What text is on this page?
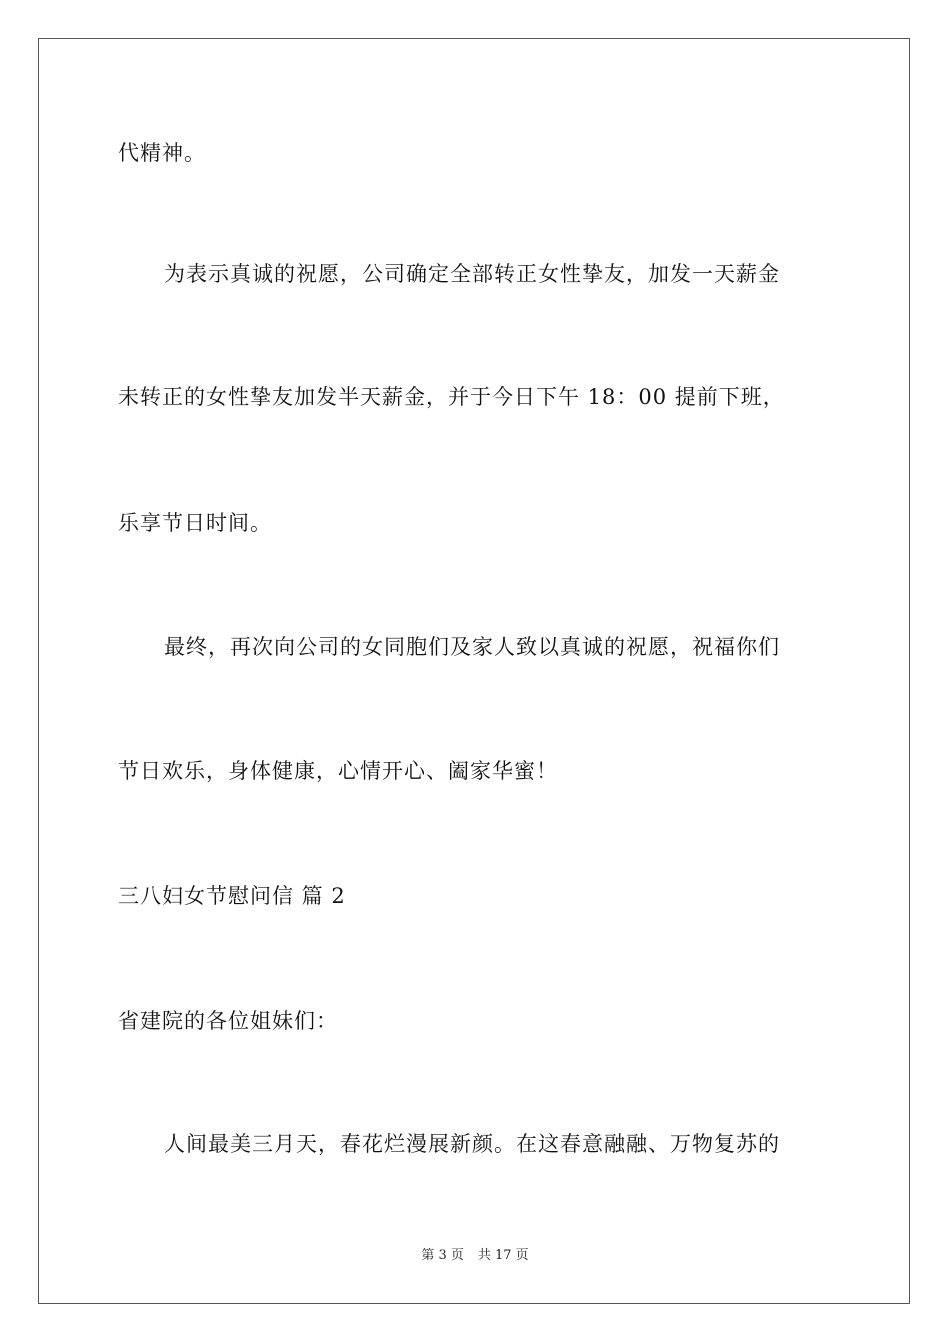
代精神。
为表示真诚的祝愿，公司确定全部转正女性挚友，加发一天薪金
未转正的女性挚友加发半天薪金，并于今日下午 18：00 提前下班，
乐享节日时间。
最终，再次向公司的女同胞们及家人致以真诚的祝愿，祝福你们
节日欢乐，身体健康，心情开心、阖家华蜜！
三八妇女节慰问信 篇 2
省建院的各位姐妹们：
人间最美三月天，春花烂漫展新颜。在这春意融融、万物复苏的
第 3 页 共 17 页
